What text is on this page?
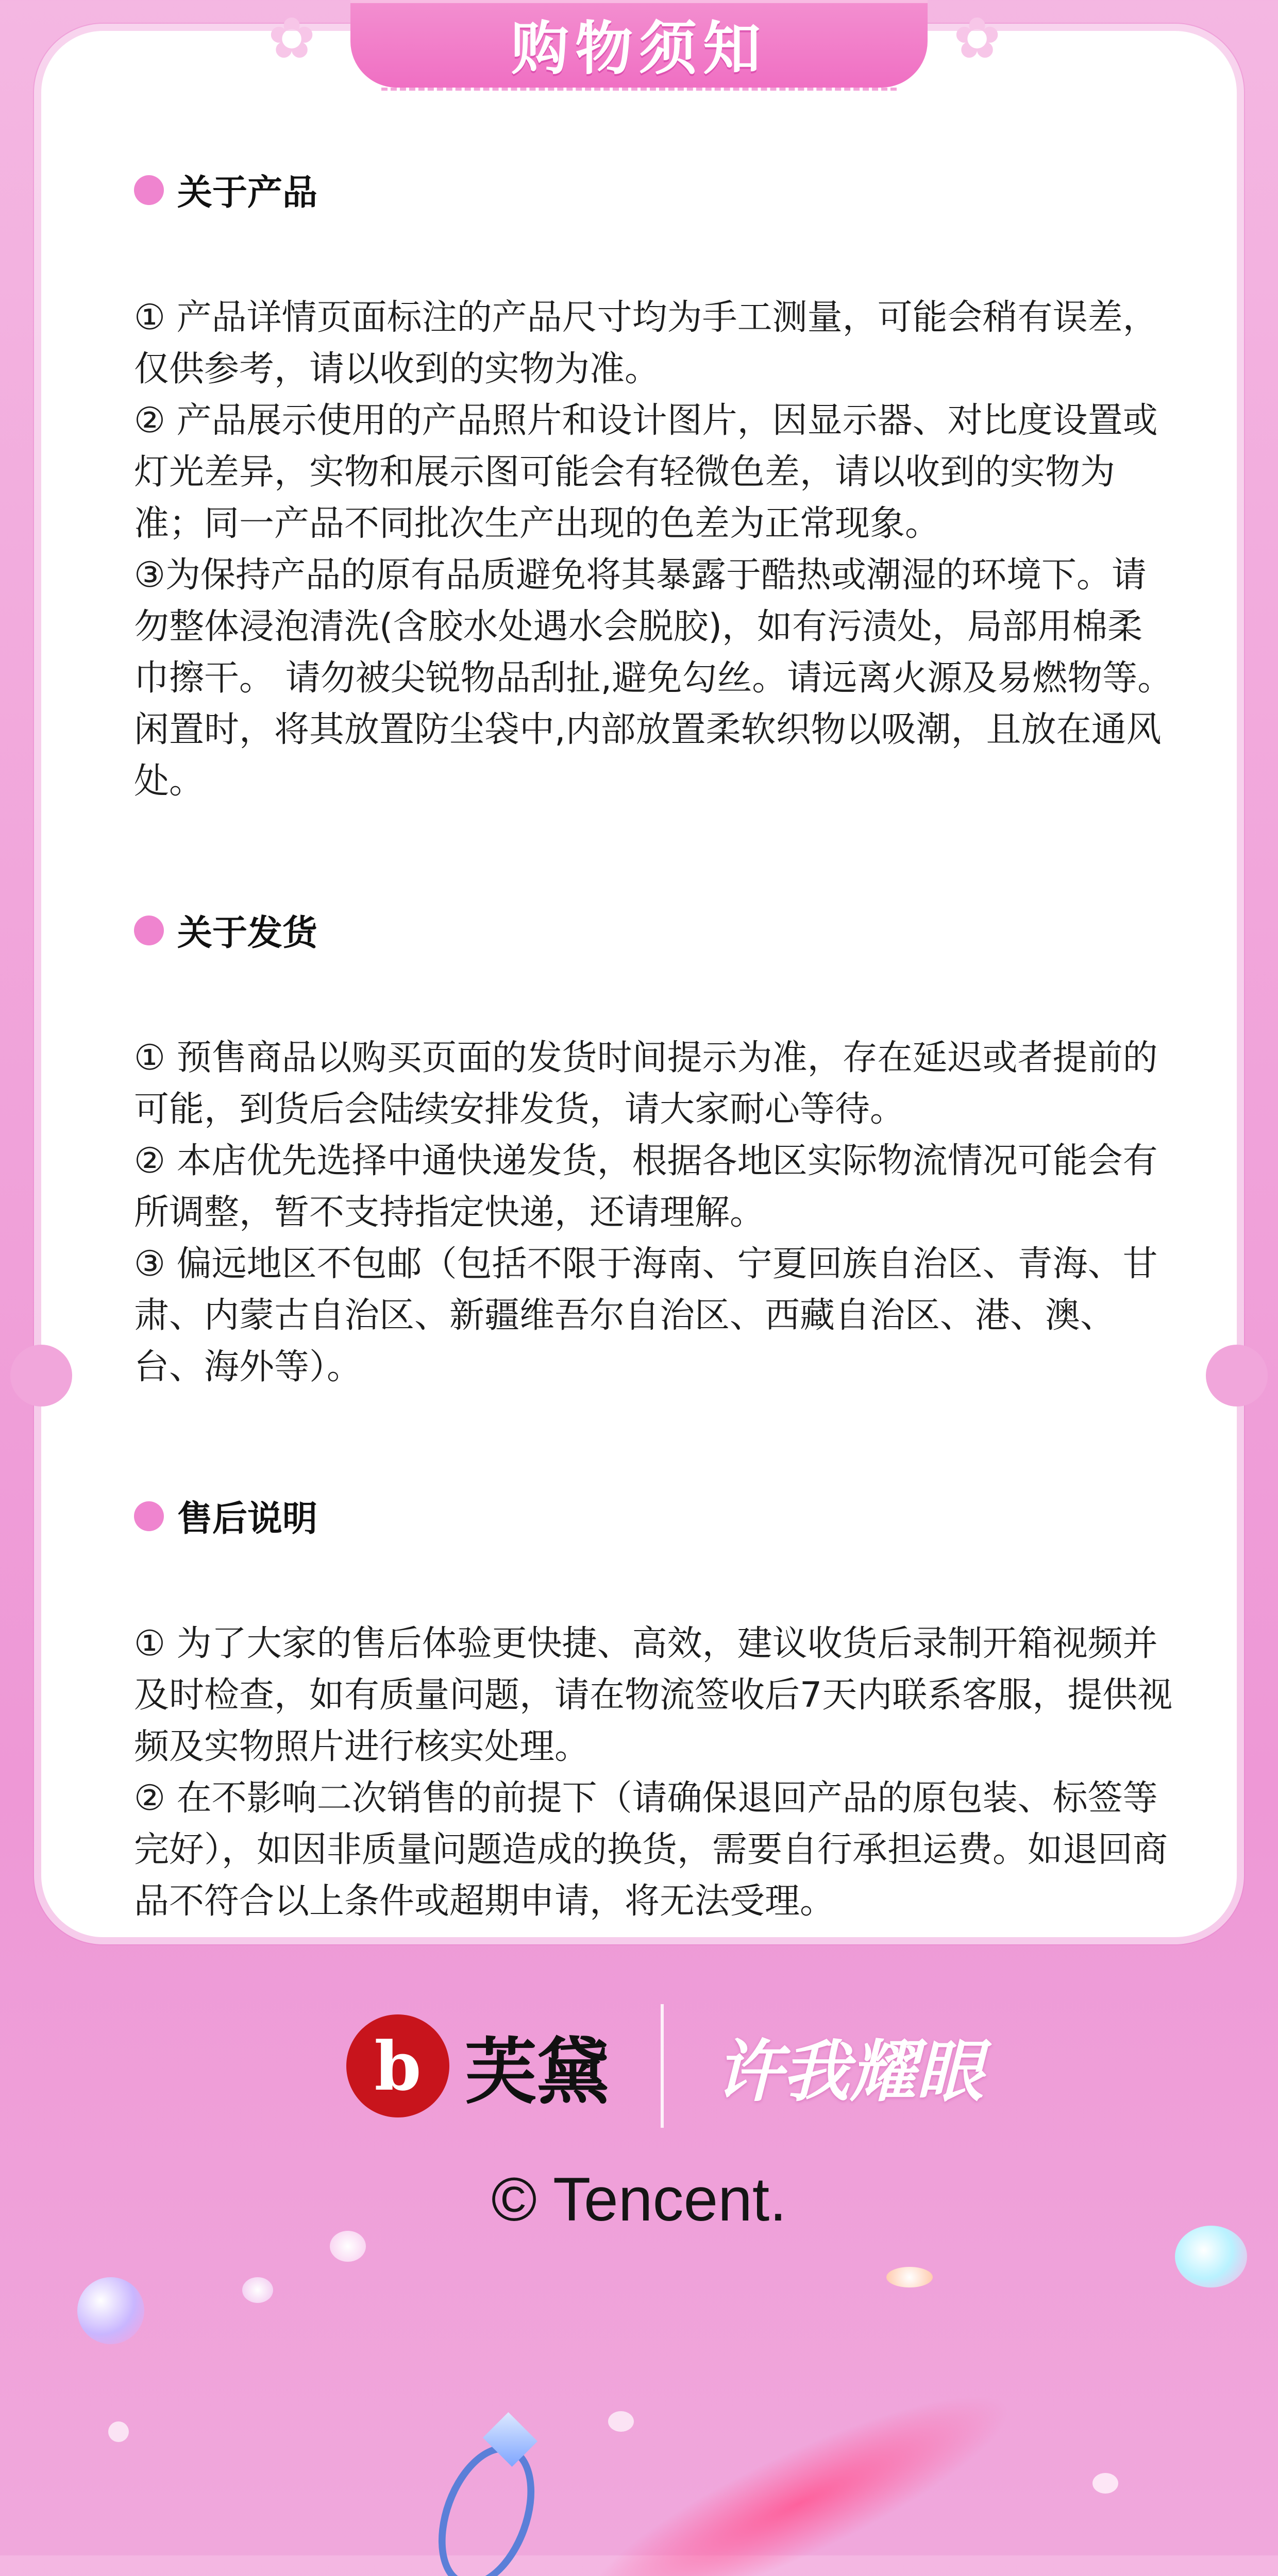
✿	✿
购物须知
关于产品

① 产品详情页面标注的产品尺寸均为手工测量，可能会稍有误差，仅供参考，请以收到的实物为准。

② 产品展示使用的产品照片和设计图片，因显示器、对比度设置或灯光差异，实物和展示图可能会有轻微色差，请以收到的实物为准；同一产品不同批次生产出现的色差为正常现象。

③为保持产品的原有品质避免将其暴露于酷热或潮湿的环境下。请勿整体浸泡清洗(含胶水处遇水会脱胶)，如有污渍处，局部用棉柔巾擦干。 请勿被尖锐物品刮扯,避免勾丝。请远离火源及易燃物等。闲置时，将其放置防尘袋中,内部放置柔软织物以吸潮，且放在通风处。

关于发货

① 预售商品以购买页面的发货时间提示为准，存在延迟或者提前的可能，到货后会陆续安排发货，请大家耐心等待。

② 本店优先选择中通快递发货，根据各地区实际物流情况可能会有所调整，暂不支持指定快递，还请理解。

③ 偏远地区不包邮（包括不限于海南、宁夏回族自治区、青海、甘肃、内蒙古自治区、新疆维吾尔自治区、西藏自治区、港、澳、台、海外等）。

售后说明

① 为了大家的售后体验更快捷、高效，建议收货后录制开箱视频并及时检查，如有质量问题，请在物流签收后7天内联系客服，提供视频及实物照片进行核实处理。

② 在不影响二次销售的前提下（请确保退回产品的原包装、标签等完好），如因非质量问题造成的换货，需要自行承担运费。如退回商品不符合以上条件或超期申请，将无法受理。

b 芙黛 许我耀眼
© Tencent.
